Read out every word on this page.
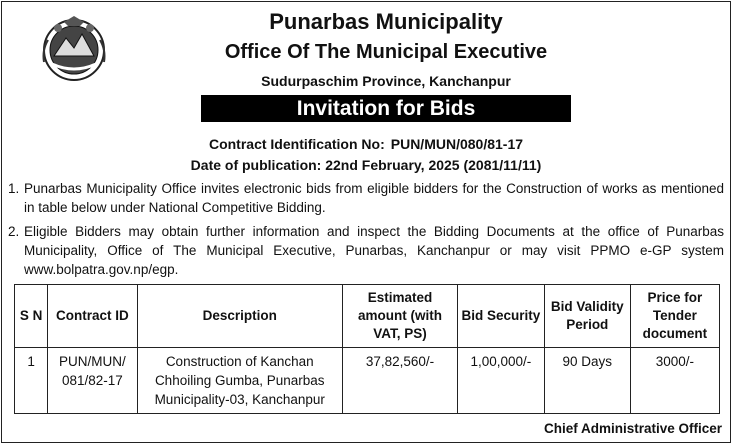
Punarbas Municipality
Office Of The Municipal Executive
Sudurpaschim Province, Kanchanpur
Invitation for Bids
Contract Identification No: PUN/MUN/080/81-17
Date of publication: 22nd February, 2025 (2081/11/11)
1. Punarbas Municipality Office invites electronic bids from eligible bidders for the Construction of works as mentioned in table below under National Competitive Bidding.
2. Eligible Bidders may obtain further information and inspect the Bidding Documents at the office of Punarbas Municipality, Office of The Municipal Executive, Punarbas, Kanchanpur or may visit PPMO e-GP system www.bolpatra.gov.np/egp.
S N	Contract ID	Description	Estimated amount (with VAT, PS)	Bid Security	Bid Validity Period	Price for Tender document
1	PUN/MUN/ 081/82-17	Construction of Kanchan Chhoiling Gumba, Punarbas Municipality-03, Kanchanpur	37,82,560/-	1,00,000/-	90 Days	3000/-
Chief Administrative Officer
